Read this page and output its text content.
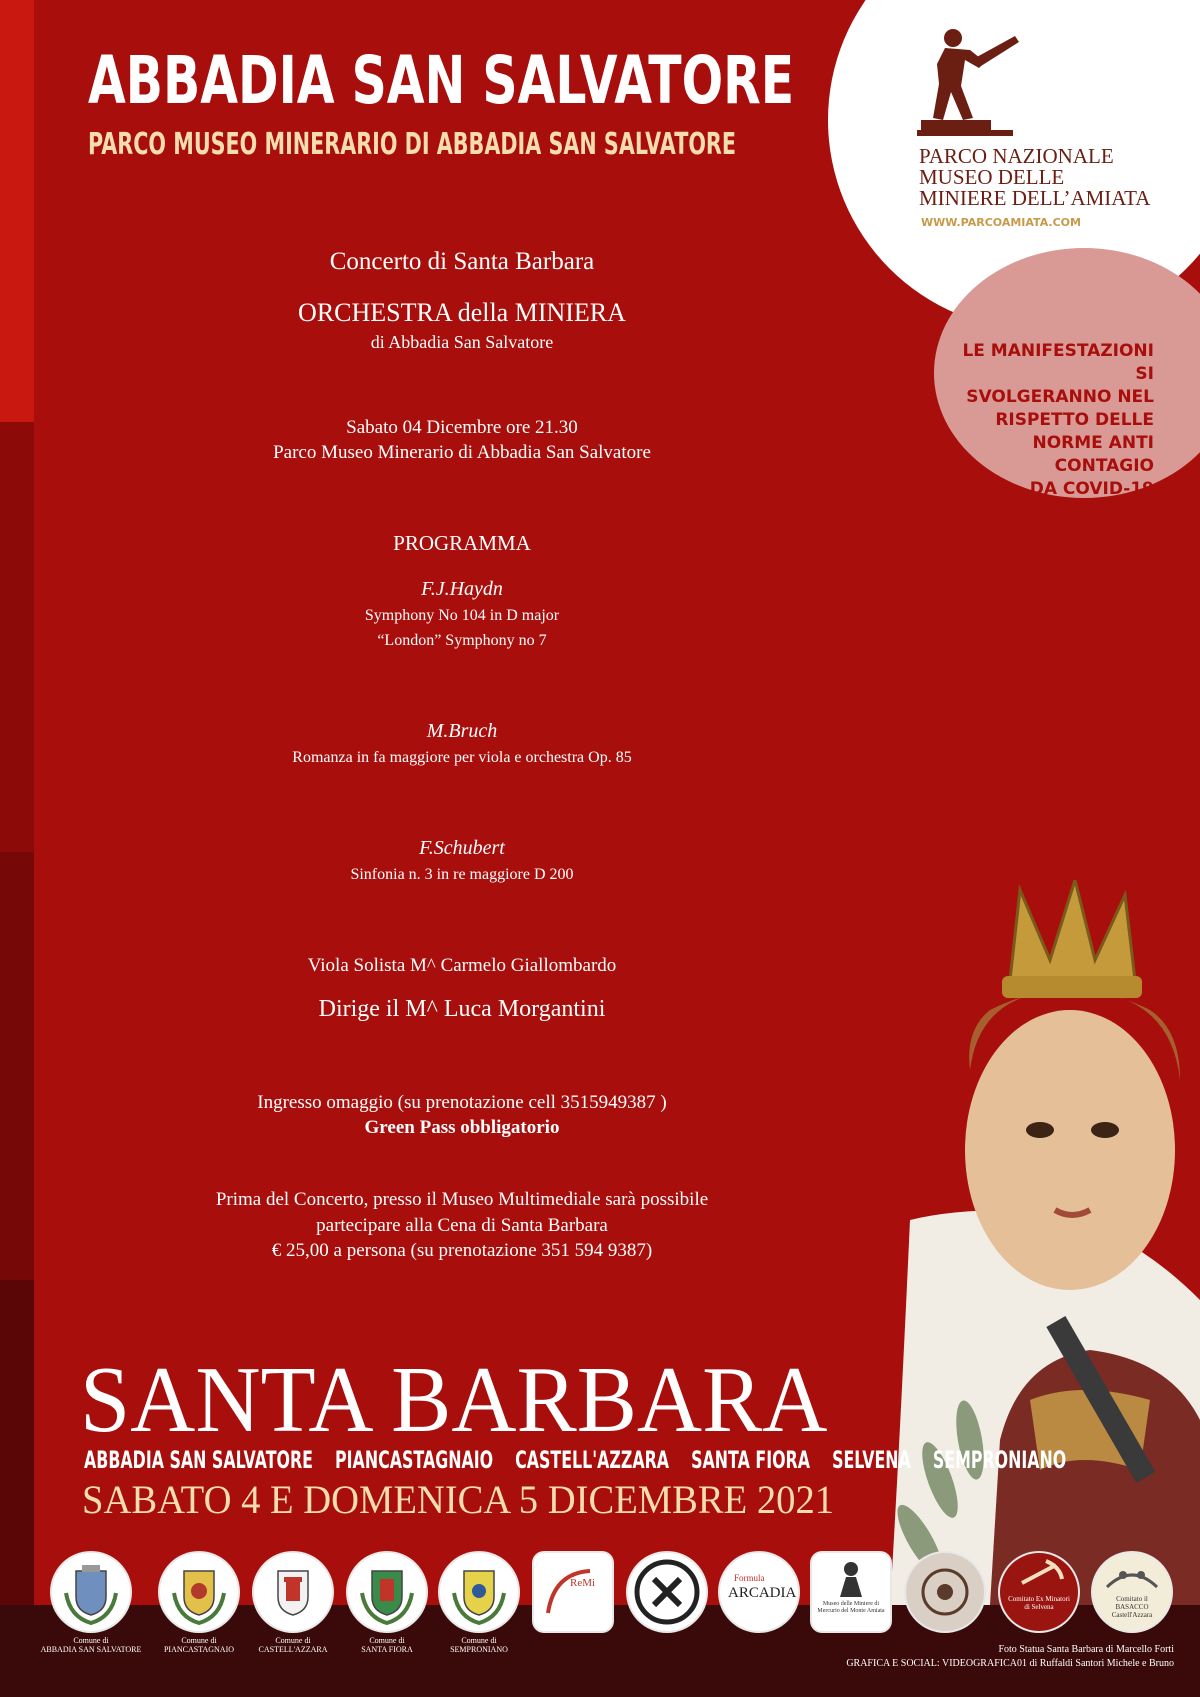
ABBADIA SAN SALVATORE
PARCO MUSEO MINERARIO DI ABBADIA SAN SALVATORE	PARCO NAZIONALE
MUSEO DELLE
MINIERE DELL’AMIATA
WWW.PARCOAMIATA.COM
LE MANIFESTAZIONI SI
SVOLGERANNO NEL
RISPETTO DELLE
NORME ANTI CONTAGIO
DA COVID-19
Concerto di Santa Barbara
ORCHESTRA della MINIERA
di Abbadia San Salvatore
Sabato 04 Dicembre ore 21.30
Parco Museo Minerario di Abbadia San Salvatore
PROGRAMMA
F.J.Haydn
Symphony No 104 in D major
“London” Symphony no 7
M.Bruch
Romanza in fa maggiore per viola e orchestra Op. 85
F.Schubert
Sinfonia n. 3 in re maggiore D 200
Viola Solista M^ Carmelo Giallombardo
Dirige il M^ Luca Morgantini
Ingresso omaggio (su prenotazione cell 3515949387 )
Green Pass obbligatorio
Prima del Concerto, presso il Museo Multimediale sarà possibile
partecipare alla Cena di Santa Barbara
€ 25,00 a persona (su prenotazione 351 594 9387)
SANTA BARBARA
ABBADIA SAN SALVATORE PIANCASTAGNAIO CASTELL'AZZARA SANTA FIORA SELVENA SEMPRONIANO
SABATO 4 E DOMENICA 5 DICEMBRE 2021
Comune di
ABBADIA SAN SALVATORE
Comune di
PIANCASTAGNAIO
Comune di
CASTELL'AZZARA
Comune di
SANTA FIORA
Comune di
SEMPRONIANO
ReMi	Formula
ARCADIA
Museo delle Miniere di Mercurio del Monte Amiata
Comitato Ex Minatori di Selvena
Comitato il BASACCO Castell'Azzara
Foto Statua Santa Barbara di Marcello Forti
GRAFICA E SOCIAL: VIDEOGRAFICA01 di Ruffaldi Santori Michele e Bruno
